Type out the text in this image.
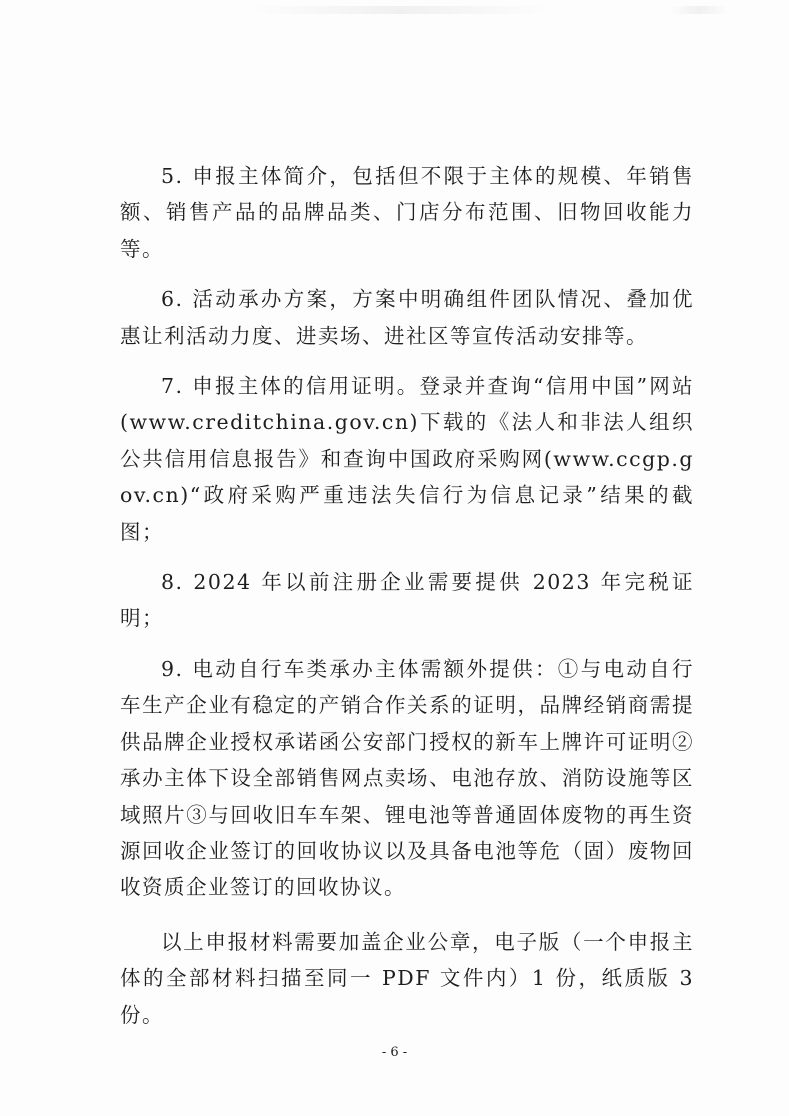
5. 申报主体简介，包括但不限于主体的规模、年销售额、销售产品的品牌品类、门店分布范围、旧物回收能力等。

6. 活动承办方案，方案中明确组件团队情况、叠加优惠让利活动力度、进卖场、进社区等宣传活动安排等。

7. 申报主体的信用证明。登录并查询“信用中国”网站(www.creditchina.gov.cn)下载的《法人和非法人组织公共信用信息报告》和查询中国政府采购网(www.ccgp.gov.cn)“政府采购严重违法失信行为信息记录”结果的截图；

8. 2024 年以前注册企业需要提供 2023 年完税证明；

9. 电动自行车类承办主体需额外提供：①与电动自行车生产企业有稳定的产销合作关系的证明，品牌经销商需提供品牌企业授权承诺函公安部门授权的新车上牌许可证明②承办主体下设全部销售网点卖场、电池存放、消防设施等区域照片③与回收旧车车架、锂电池等普通固体废物的再生资源回收企业签订的回收协议以及具备电池等危（固）废物回收资质企业签订的回收协议。

以上申报材料需要加盖企业公章，电子版（一个申报主体的全部材料扫描至同一 PDF 文件内）1 份，纸质版 3 份。

- 6 -
